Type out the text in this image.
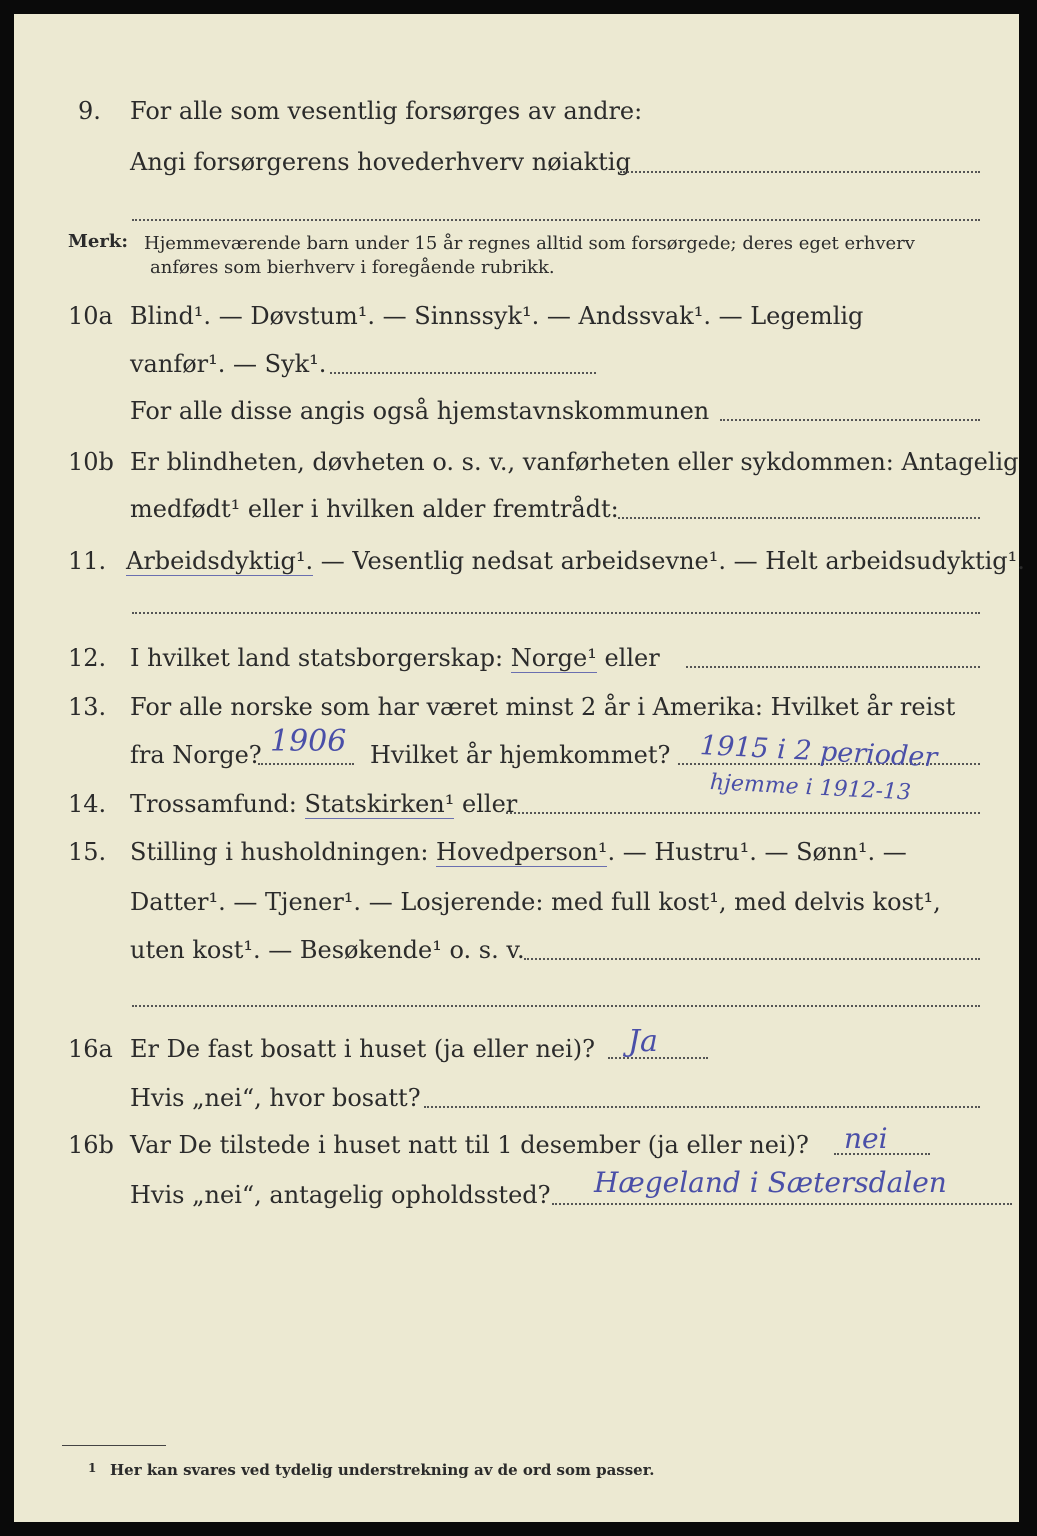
9. For alle som vesentlig forsørges av andre:
Angi forsørgerens hovederhverv nøiaktig
Merk: Hjemmeværende barn under 15 år regnes alltid som forsørgede; deres eget erhverv
anføres som bierhverv i foregående rubrikk.
10a Blind¹. — Døvstum¹. — Sinnssyk¹. — Andssvak¹. — Legemlig
vanfør¹. — Syk¹.
For alle disse angis også hjemstavnskommunen
10b Er blindheten, døvheten o. s. v., vanførheten eller sykdommen: Antagelig
medfødt¹ eller i hvilken alder fremtrådt:
11. Arbeidsdyktig¹. — Vesentlig nedsat arbeidsevne¹. — Helt arbeidsudyktig¹.
12. I hvilket land statsborgerskap: Norge¹ eller
13. For alle norske som har været minst 2 år i Amerika: Hvilket år reist
fra Norge? 1906 Hvilket år hjemkommet? 1915 i 2 perioder
hjemme i 1912-13
14. Trossamfund: Statskirken¹ eller
15. Stilling i husholdningen: Hovedperson¹. — Hustru¹. — Sønn¹. —
Datter¹. — Tjener¹. — Losjerende: med full kost¹, med delvis kost¹,
uten kost¹. — Besøkende¹ o. s. v.
16a Er De fast bosatt i huset (ja eller nei)? Ja
Hvis „nei“, hvor bosatt?
16b Var De tilstede i huset natt til 1 desember (ja eller nei)? nei
Hvis „nei“, antagelig opholdssted? Hægeland i Sætersdalen
1 Her kan svares ved tydelig understrekning av de ord som passer.
